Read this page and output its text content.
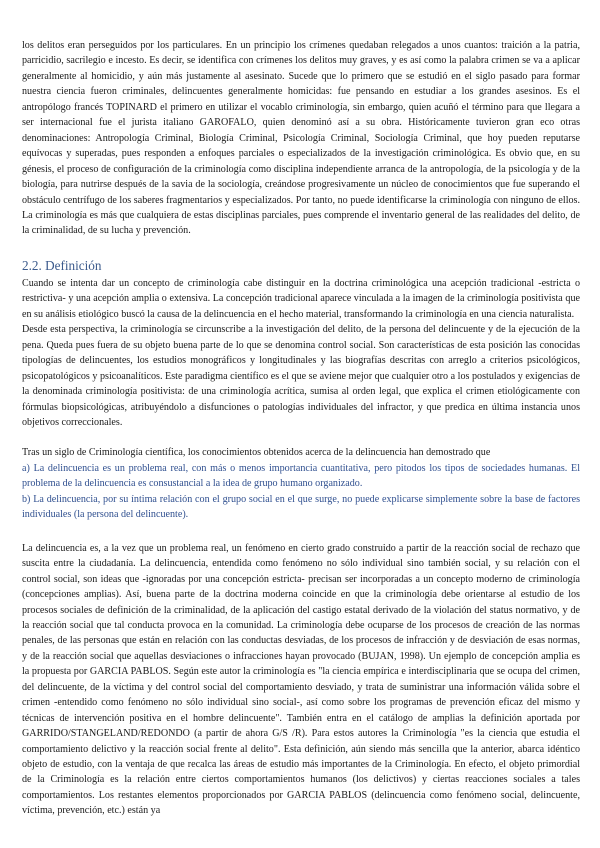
los delitos eran perseguidos por los particulares. En un principio los crímenes quedaban relegados a unos cuantos: traición a la patria, parricidio, sacrilegio e incesto. Es decir, se identifica con crímenes los delitos muy graves, y es así como la palabra crimen se va a aplicar generalmente al homicidio, y aún más justamente al asesinato. Sucede que lo primero que se estudió en el siglo pasado para formar nuestra ciencia fueron criminales, delincuentes generalmente homicidas: fue pensando en estudiar a los grandes asesinos. Es el antropólogo francés TOPINARD el primero en utilizar el vocablo criminología, sin embargo, quien acuñó el término para que llegara a ser internacional fue el jurista italiano GAROFALO, quien denominó así a su obra. Históricamente tuvieron gran eco otras denominaciones: Antropología Criminal, Biología Criminal, Psicología Criminal, Sociología Criminal, que hoy pueden reputarse equívocas y superadas, pues responden a enfoques parciales o especializados de la investigación criminológica. Es obvio que, en su génesis, el proceso de configuración de la criminología como disciplina independiente arranca de la antropología, de la psicología y de la biología, para nutrirse después de la savia de la sociología, creándose progresivamente un núcleo de conocimientos que fue superando el obstáculo centrífugo de los saberes fragmentarios y especializados. Por tanto, no puede identificarse la criminología con ninguno de ellos. La criminología es más que cualquiera de estas disciplinas parciales, pues comprende el inventario general de las realidades del delito, de la criminalidad, de su lucha y prevención.

2.2. Definición

Cuando se intenta dar un concepto de criminología cabe distinguir en la doctrina criminológica una acepción tradicional -estricta o restrictiva- y una acepción amplia o extensiva. La concepción tradicional aparece vinculada a la imagen de la criminología positivista que en su análisis etiológico buscó la causa de la delincuencia en el hecho material, transformando la criminología en una ciencia naturalista.

Desde esta perspectiva, la criminología se circunscribe a la investigación del delito, de la persona del delincuente y de la ejecución de la pena. Queda pues fuera de su objeto buena parte de lo que se denomina control social. Son características de esta posición las conocidas tipologías de delincuentes, los estudios monográficos y longitudinales y las biografías descritas con arreglo a criterios psicológicos, psicopatológicos y psicoanalíticos. Este paradigma científico es el que se aviene mejor que cualquier otro a los postulados y exigencias de la denominada criminología positivista: de una criminología acrítica, sumisa al orden legal, que explica el crimen etiológicamente con fórmulas biopsicológicas, atribuyéndolo a disfunciones o patologías individuales del infractor, y que predica en última instancia unos objetivos correccionales.

Tras un siglo de Criminología científica, los conocimientos obtenidos acerca de la delincuencia han demostrado que

a) La delincuencia es un problema real, con más o menos importancia cuantitativa, pero pitodos los tipos de sociedades humanas. El problema de la delincuencia es consustancial a la idea de grupo humano organizado.

b) La delincuencia, por su íntima relación con el grupo social en el que surge, no puede explicarse simplemente sobre la base de factores individuales (la persona del delincuente).

La delincuencia es, a la vez que un problema real, un fenómeno en cierto grado construido a partir de la reacción social de rechazo que suscita entre la ciudadanía. La delincuencia, entendida como fenómeno no sólo individual sino también social, y su relación con el control social, son ideas que -ignoradas por una concepción estricta- precisan ser incorporadas a un concepto moderno de criminología (concepciones amplias). Así, buena parte de la doctrina moderna coincide en que la criminología debe orientarse al estudio de los procesos sociales de definición de la criminalidad, de la aplicación del castigo estatal derivado de la violación del status normativo, y de la reacción social que tal conducta provoca en la comunidad. La criminología debe ocuparse de los procesos de creación de las normas penales, de las personas que están en relación con las conductas desviadas, de los procesos de infracción y de desviación de esas normas, y de la reacción social que aquellas desviaciones o infracciones hayan provocado (BUJAN, 1998). Un ejemplo de concepción amplia es la propuesta por GARCIA PABLOS. Según este autor la criminología es "la ciencia empírica e interdisciplinaria que se ocupa del crimen, del delincuente, de la víctima y del control social del comportamiento desviado, y trata de suministrar una información válida sobre el crimen -entendido como fenómeno no sólo individual sino social-, así como sobre los programas de prevención eficaz del mismo y técnicas de intervención positiva en el hombre delincuente". También entra en el catálogo de amplias la definición aportada por GARRIDO/STANGELAND/REDONDO (a partir de ahora G/S /R). Para estos autores la Criminología "es la ciencia que estudia el comportamiento delictivo y la reacción social frente al delito". Esta definición, aún siendo más sencilla que la anterior, abarca idéntico objeto de estudio, con la ventaja de que recalca las áreas de estudio más importantes de la Criminología. En efecto, el objeto primordial de la Criminología es la relación entre ciertos comportamientos humanos (los delictivos) y ciertas reacciones sociales a tales comportamientos. Los restantes elementos proporcionados por GARCIA PABLOS (delincuencia como fenómeno social, delincuente, víctima, prevención, etc.) están ya
